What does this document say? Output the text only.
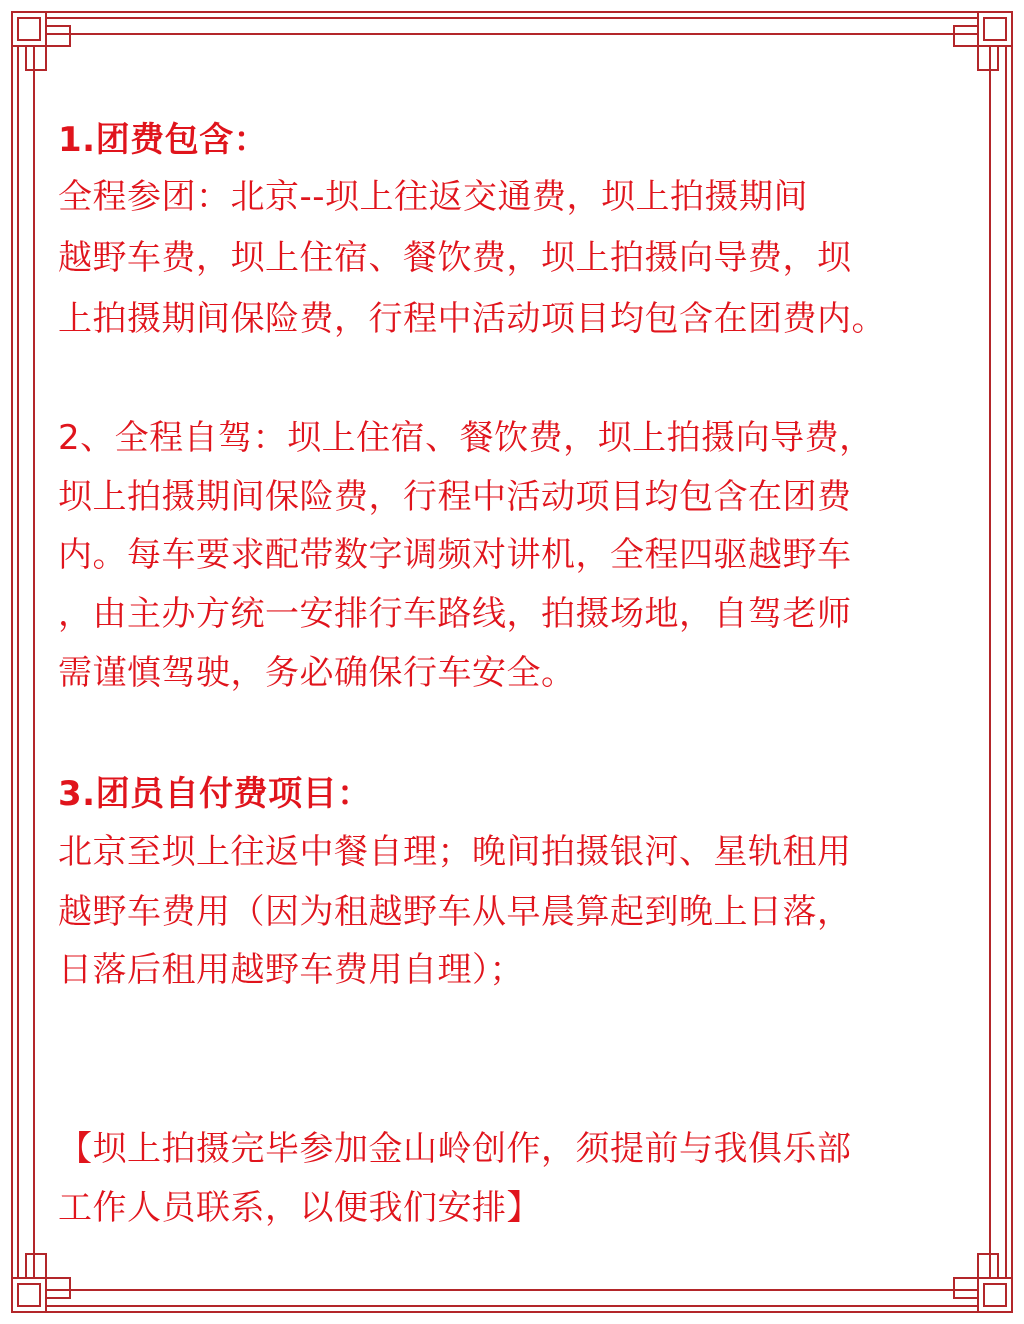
1.团费包含：

全程参团：北京--坝上往返交通费，坝上拍摄期间

越野车费，坝上住宿、餐饮费，坝上拍摄向导费，坝

上拍摄期间保险费，行程中活动项目均包含在团费内。

2、全程自驾：坝上住宿、餐饮费，坝上拍摄向导费，

坝上拍摄期间保险费，行程中活动项目均包含在团费

内。每车要求配带数字调频对讲机，全程四驱越野车

，由主办方统一安排行车路线，拍摄场地，自驾老师

需谨慎驾驶，务必确保行车安全。

3.团员自付费项目：

北京至坝上往返中餐自理；晚间拍摄银河、星轨租用

越野车费用（因为租越野车从早晨算起到晚上日落，

日落后租用越野车费用自理）；

【坝上拍摄完毕参加金山岭创作，须提前与我俱乐部

工作人员联系，以便我们安排】
